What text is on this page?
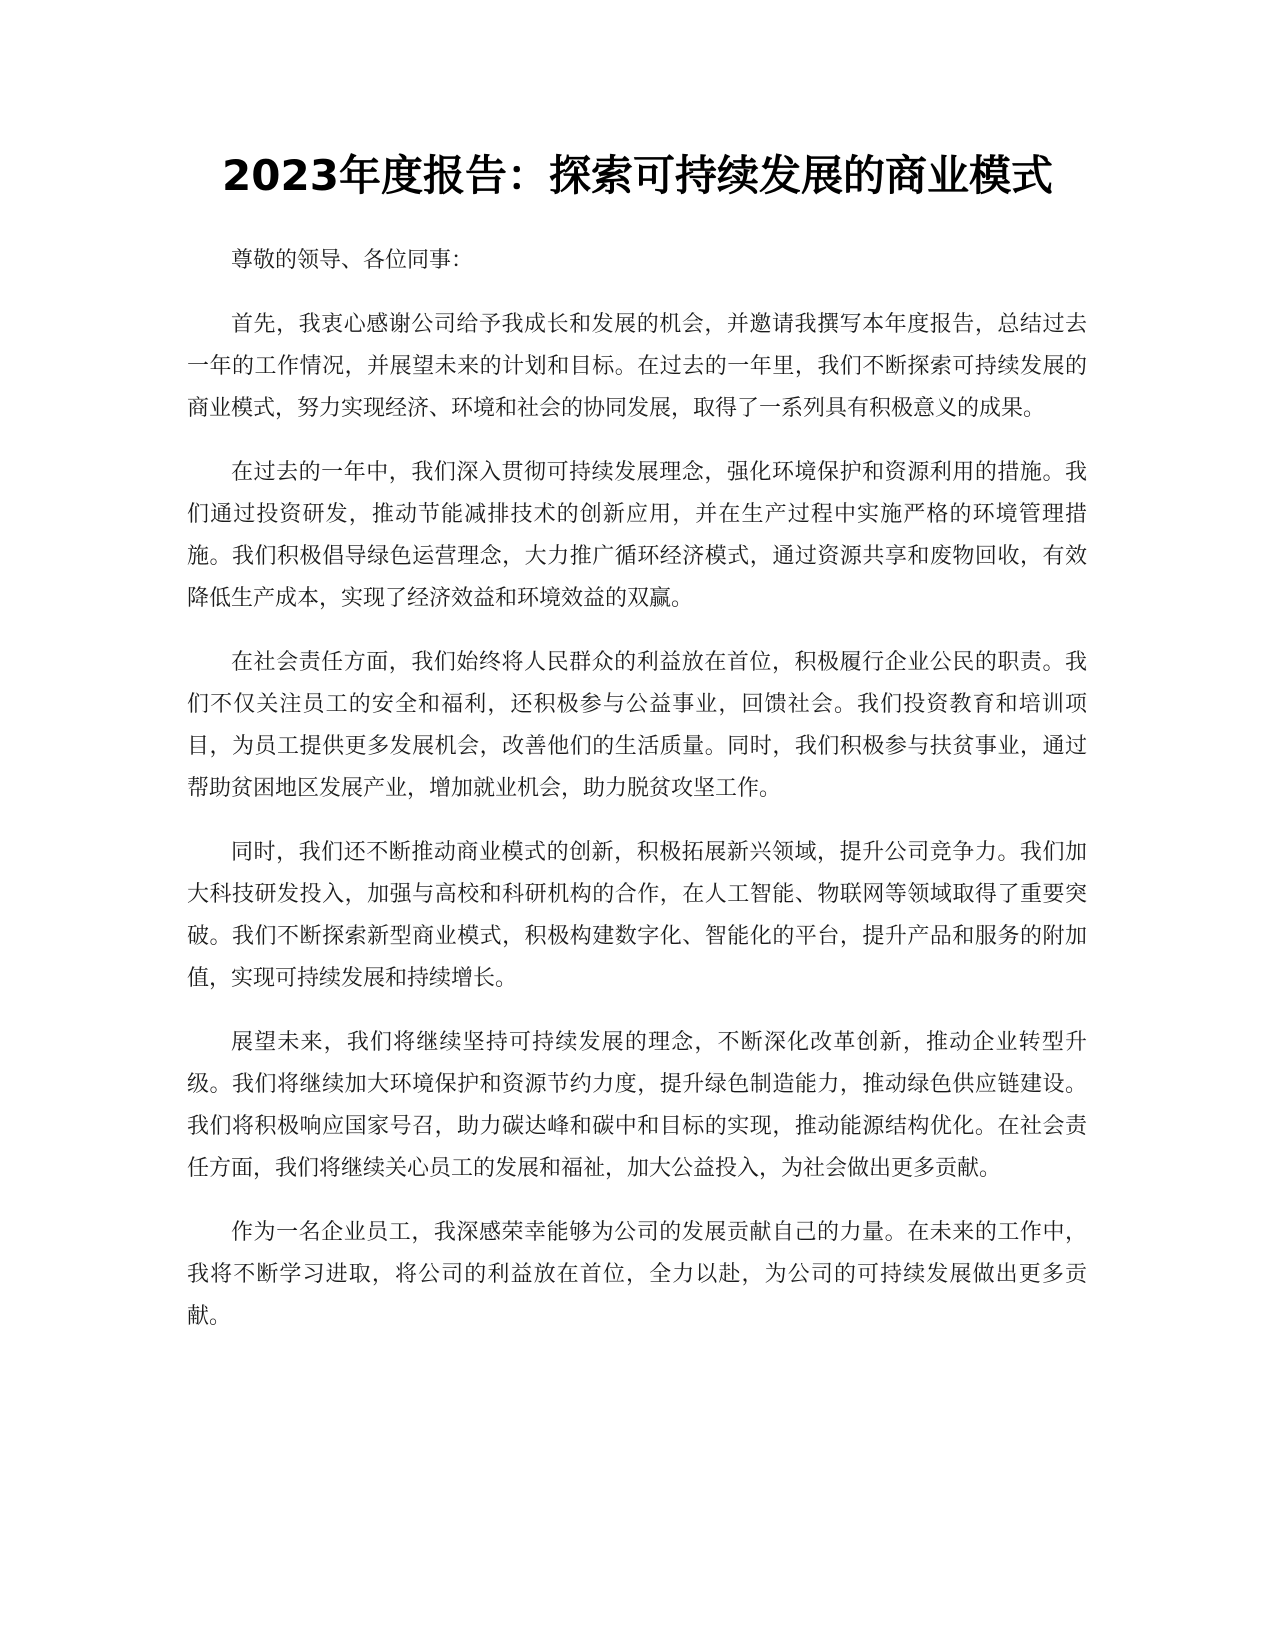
2023年度报告：探索可持续发展的商业模式

尊敬的领导、各位同事：

首先，我衷心感谢公司给予我成长和发展的机会，并邀请我撰写本年度报告，总结过去一年的工作情况，并展望未来的计划和目标。在过去的一年里，我们不断探索可持续发展的商业模式，努力实现经济、环境和社会的协同发展，取得了一系列具有积极意义的成果。

在过去的一年中，我们深入贯彻可持续发展理念，强化环境保护和资源利用的措施。我们通过投资研发，推动节能减排技术的创新应用，并在生产过程中实施严格的环境管理措施。我们积极倡导绿色运营理念，大力推广循环经济模式，通过资源共享和废物回收，有效降低生产成本，实现了经济效益和环境效益的双赢。

在社会责任方面，我们始终将人民群众的利益放在首位，积极履行企业公民的职责。我们不仅关注员工的安全和福利，还积极参与公益事业，回馈社会。我们投资教育和培训项目，为员工提供更多发展机会，改善他们的生活质量。同时，我们积极参与扶贫事业，通过帮助贫困地区发展产业，增加就业机会，助力脱贫攻坚工作。

同时，我们还不断推动商业模式的创新，积极拓展新兴领域，提升公司竞争力。我们加大科技研发投入，加强与高校和科研机构的合作，在人工智能、物联网等领域取得了重要突破。我们不断探索新型商业模式，积极构建数字化、智能化的平台，提升产品和服务的附加值，实现可持续发展和持续增长。

展望未来，我们将继续坚持可持续发展的理念，不断深化改革创新，推动企业转型升级。我们将继续加大环境保护和资源节约力度，提升绿色制造能力，推动绿色供应链建设。我们将积极响应国家号召，助力碳达峰和碳中和目标的实现，推动能源结构优化。在社会责任方面，我们将继续关心员工的发展和福祉，加大公益投入，为社会做出更多贡献。

作为一名企业员工，我深感荣幸能够为公司的发展贡献自己的力量。在未来的工作中，我将不断学习进取，将公司的利益放在首位，全力以赴，为公司的可持续发展做出更多贡献。
